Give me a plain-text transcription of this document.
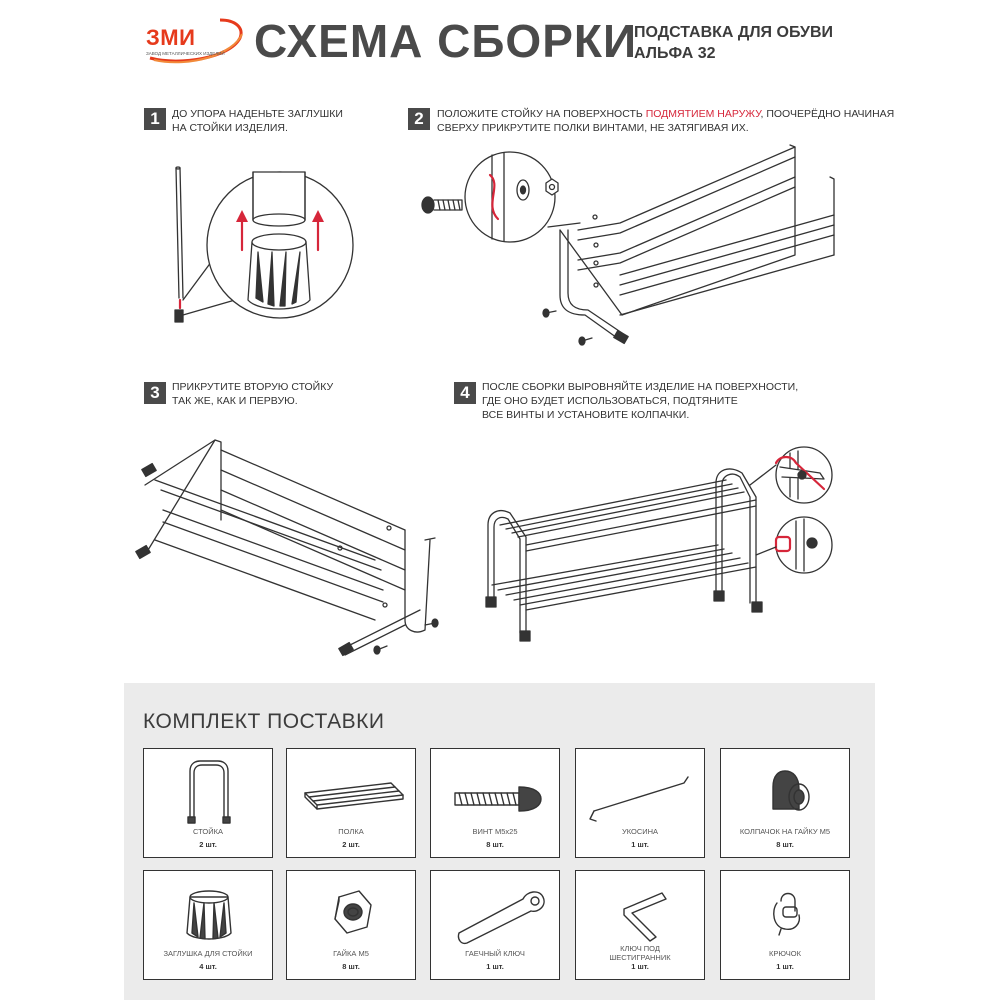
ЗМИ
ЗАВОД МЕТАЛЛИЧЕСКИХ ИЗДЕЛИЙ СХЕМА СБОРКИ
ПОДСТАВКА ДЛЯ ОБУВИ
АЛЬФА 32
1	ДО УПОРА НАДЕНЬТЕ ЗАГЛУШКИ
НА СТОЙКИ ИЗДЕЛИЯ.	2	ПОЛОЖИТЕ СТОЙКУ НА ПОВЕРХНОСТЬ ПОДМЯТИЕМ НАРУЖУ, ПООЧЕРЁДНО НАЧИНАЯ
СВЕРХУ ПРИКРУТИТЕ ПОЛКИ ВИНТАМИ, НЕ ЗАТЯГИВАЯ ИХ.
3	ПРИКРУТИТЕ ВТОРУЮ СТОЙКУ
ТАК ЖЕ, КАК И ПЕРВУЮ.	4	ПОСЛЕ СБОРКИ ВЫРОВНЯЙТЕ ИЗДЕЛИЕ НА ПОВЕРХНОСТИ,
ГДЕ ОНО БУДЕТ ИСПОЛЬЗОВАТЬСЯ, ПОДТЯНИТЕ
ВСЕ ВИНТЫ И УСТАНОВИТЕ КОЛПАЧКИ.
КОМПЛЕКТ ПОСТАВКИ
СТОЙКА
2 шт.
ПОЛКА
2 шт.
ВИНТ М5х25
8 шт.
УКОСИНА
1 шт.
КОЛПАЧОК НА ГАЙКУ М5
8 шт.
ЗАГЛУШКА ДЛЯ СТОЙКИ
4 шт.
ГАЙКА М5
8 шт.
ГАЕЧНЫЙ КЛЮЧ
1 шт.
КЛЮЧ ПОД
ШЕСТИГРАННИК
1 шт.
КРЮЧОК
1 шт.
